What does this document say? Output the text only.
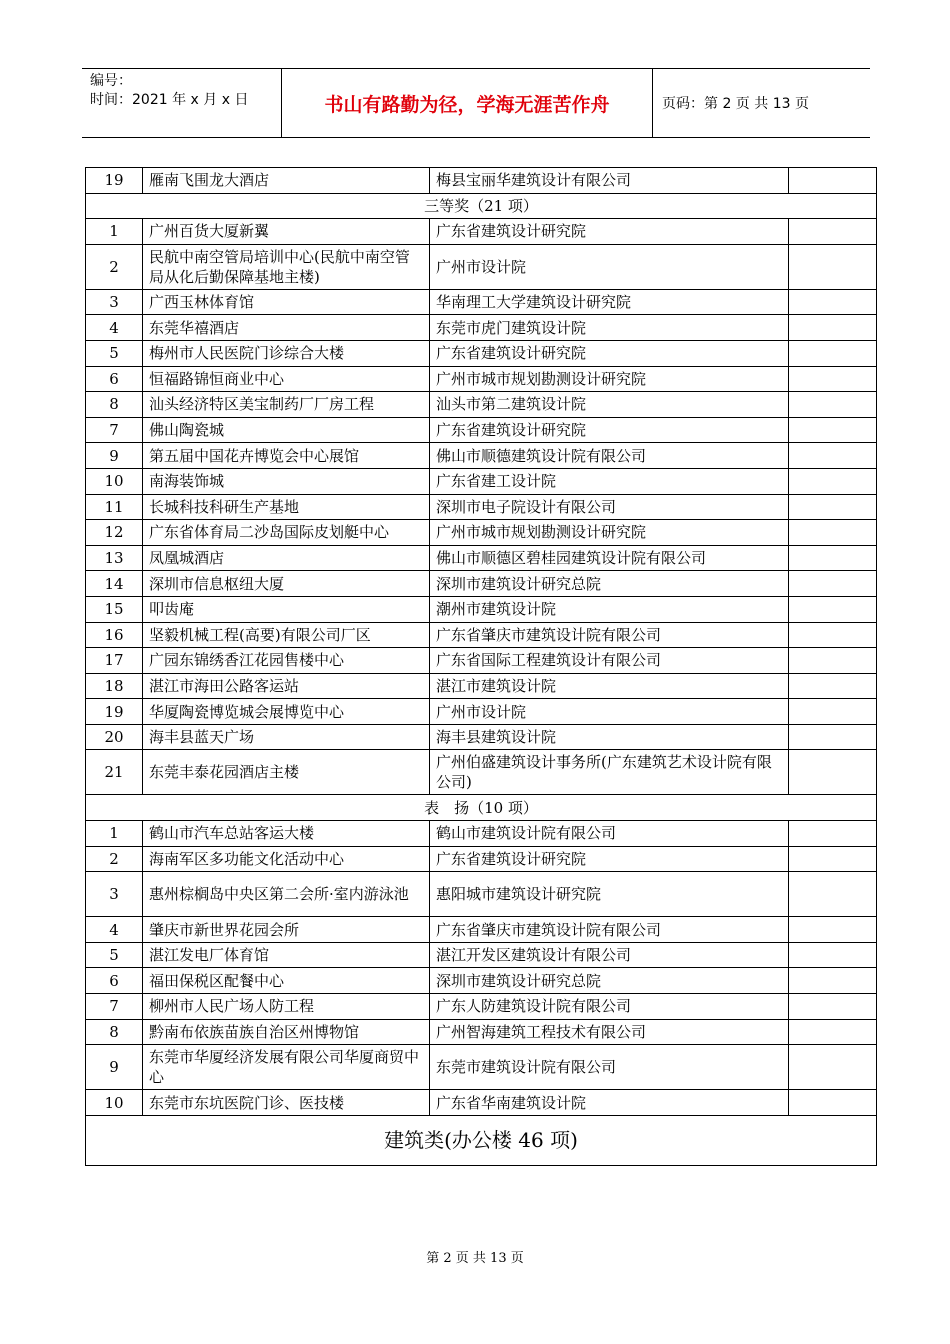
编号：
时间：2021 年 x 月 x 日	书山有路勤为径，学海无涯苦作舟	页码：第 2 页 共 13 页
19	雁南飞围龙大酒店	梅县宝丽华建筑设计有限公司	
三等奖（21 项）			
1	广州百货大厦新翼	广东省建筑设计研究院	
2	民航中南空管局培训中心(民航中南空管局从化后勤保障基地主楼)	广州市设计院	
3	广西玉林体育馆	华南理工大学建筑设计研究院	
4	东莞华禧酒店	东莞市虎门建筑设计院	
5	梅州市人民医院门诊综合大楼	广东省建筑设计研究院	
6	恒福路锦恒商业中心	广州市城市规划勘测设计研究院	
8	汕头经济特区美宝制药厂厂房工程	汕头市第二建筑设计院	
7	佛山陶瓷城	广东省建筑设计研究院	
9	第五届中国花卉博览会中心展馆	佛山市顺德建筑设计院有限公司	
10	南海装饰城	广东省建工设计院	
11	长城科技科研生产基地	深圳市电子院设计有限公司	
12	广东省体育局二沙岛国际皮划艇中心	广州市城市规划勘测设计研究院	
13	凤凰城酒店	佛山市顺德区碧桂园建筑设计院有限公司	
14	深圳市信息枢纽大厦	深圳市建筑设计研究总院	
15	叩齿庵	潮州市建筑设计院	
16	坚毅机械工程(高要)有限公司厂区	广东省肇庆市建筑设计院有限公司	
17	广园东锦绣香江花园售楼中心	广东省国际工程建筑设计有限公司	
18	湛江市海田公路客运站	湛江市建筑设计院	
19	华厦陶瓷博览城会展博览中心	广州市设计院	
20	海丰县蓝天广场	海丰县建筑设计院	
21	东莞丰泰花园酒店主楼	广州伯盛建筑设计事务所(广东建筑艺术设计院有限公司)	
表　扬（10 项）			
1	鹤山市汽车总站客运大楼	鹤山市建筑设计院有限公司	
2	海南军区多功能文化活动中心	广东省建筑设计研究院	
3	惠州棕榈岛中央区第二会所·室内游泳池	惠阳城市建筑设计研究院	
4	肇庆市新世界花园会所	广东省肇庆市建筑设计院有限公司	
5	湛江发电厂体育馆	湛江开发区建筑设计有限公司	
6	福田保税区配餐中心	深圳市建筑设计研究总院	
7	柳州市人民广场人防工程	广东人防建筑设计院有限公司	
8	黔南布依族苗族自治区州博物馆	广州智海建筑工程技术有限公司	
9	东莞市华厦经济发展有限公司华厦商贸中心	东莞市建筑设计院有限公司	
10	东莞市东坑医院门诊、医技楼	广东省华南建筑设计院	
建筑类(办公楼 46 项)			
第 2 页 共 13 页
